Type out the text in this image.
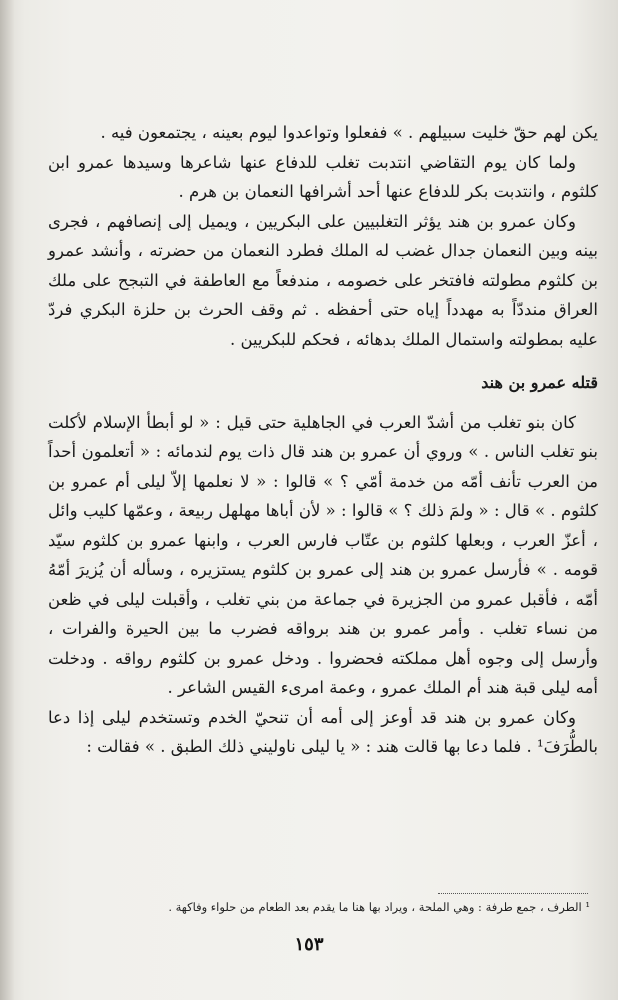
يكن لهم حقّ خليت سبيلهم . » ففعلوا وتواعدوا ليوم بعينه ، يجتمعون فيه .

ولما كان يوم التقاضي انتدبت تغلب للدفاع عنها شاعرها وسيدها عمرو ابن كلثوم ، وانتدبت بكر للدفاع عنها أحد أشرافها النعمان بن هرم .

وكان عمرو بن هند يؤثر التغلبيين على البكريين ، ويميل إلى إنصافهم ، فجرى بينه وبين النعمان جدال غضب له الملك فطرد النعمان من حضرته ، وأنشد عمرو بن كلثوم مطولته فافتخر على خصومه ، مندفعاً مع العاطفة في التبجح على ملك العراق منددّاً به مهدداً إياه حتى أحفظه . ثم وقف الحرث بن حلزة البكري فردّ عليه بمطولته واستمال الملك بدهائه ، فحكم للبكريين .

قتله عمرو بن هند

كان بنو تغلب من أشدّ العرب في الجاهلية حتى قيل : « لو أبطأ الإسلام لأكلت بنو تغلب الناس . » وروي أن عمرو بن هند قال ذات يوم لندمائه : « أتعلمون أحداً من العرب تأنف أمّه من خدمة أمّي ؟ » قالوا : « لا نعلمها إلاّ ليلى أم عمرو بن كلثوم . » قال : « ولمَ ذلك ؟ » قالوا : « لأن أباها مهلهل ربيعة ، وعمّها كليب وائل ، أعزّ العرب ، وبعلها كلثوم بن عتّاب فارس العرب ، وابنها عمرو بن كلثوم سيّد قومه . » فأرسل عمرو بن هند إلى عمرو بن كلثوم يستزيره ، وسأله أن يُزيرَ أمّهُ أمّه ، فأقبل عمرو من الجزيرة في جماعة من بني تغلب ، وأقبلت ليلى في ظعن من نساء تغلب . وأمر عمرو بن هند برواقه فضرب ما بين الحيرة والفرات ، وأرسل إلى وجوه أهل مملكته فحضروا . ودخل عمرو بن كلثوم رواقه . ودخلت أمه ليلى قبة هند أم الملك عمرو ، وعمة امرىء القيس الشاعر .

وكان عمرو بن هند قد أوعز إلى أمه أن تنحيّ الخدم وتستخدم ليلى إذا دعا بالطُّرَفَ¹ . فلما دعا بها قالت هند : « يا ليلى ناوليني ذلك الطبق . » فقالت :

¹ الطرف ، جمع طرفة : وهي الملحة ، ويراد بها هنا ما يقدم بعد الطعام من حلواء وفاكهة .
١٥٣
